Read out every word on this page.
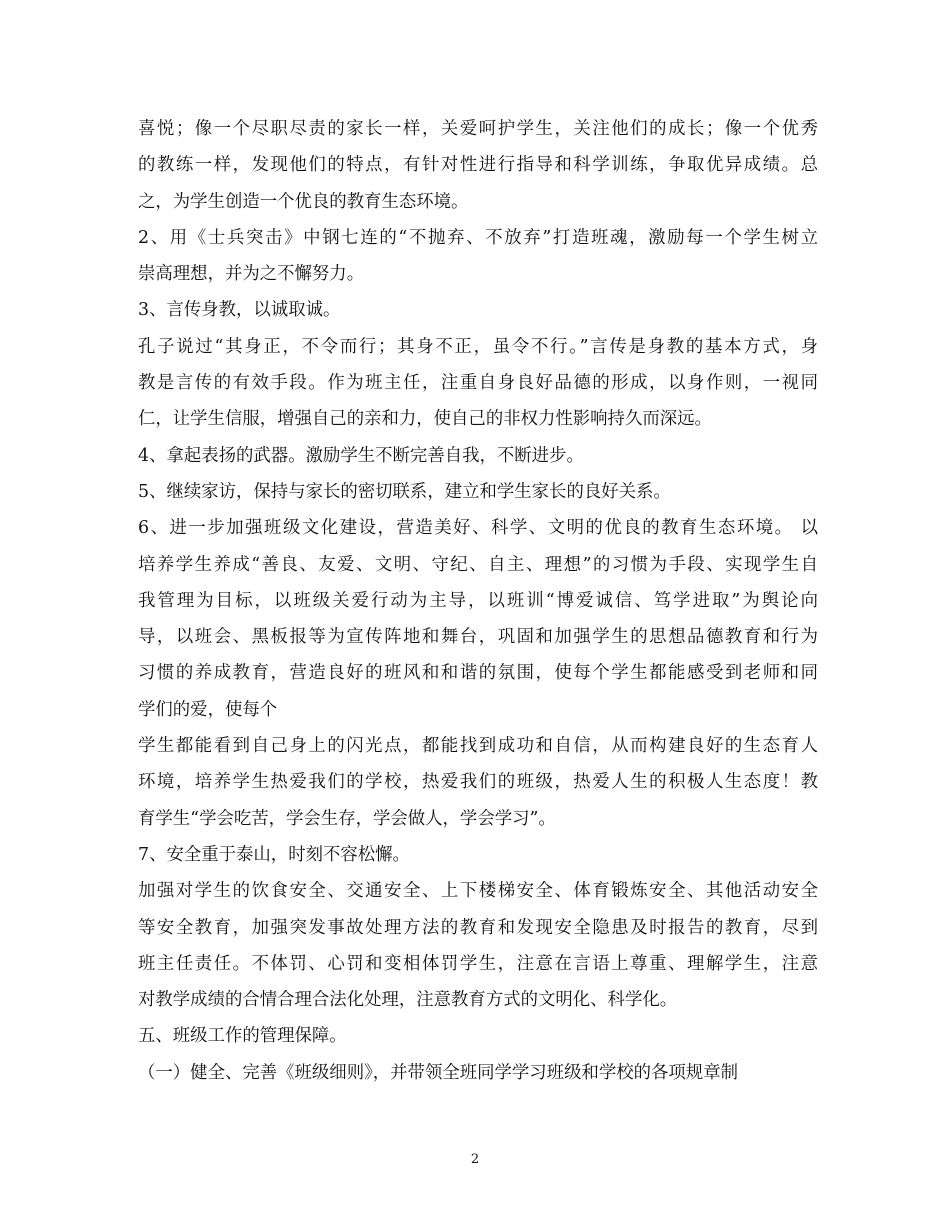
喜悦；像一个尽职尽责的家长一样，关爱呵护学生，关注他们的成长；像一个优秀
的教练一样，发现他们的特点，有针对性进行指导和科学训练，争取优异成绩。总
之，为学生创造一个优良的教育生态环境。
2、用《士兵突击》中钢七连的“不抛弃、不放弃”打造班魂，激励每一个学生树立
崇高理想，并为之不懈努力。
3、言传身教，以诚取诚。
孔子说过“其身正，不令而行；其身不正，虽令不行。”言传是身教的基本方式，身
教是言传的有效手段。作为班主任，注重自身良好品德的形成，以身作则，一视同
仁，让学生信服，增强自己的亲和力，使自己的非权力性影响持久而深远。
4、拿起表扬的武器。激励学生不断完善自我，不断进步。
5、继续家访，保持与家长的密切联系，建立和学生家长的良好关系。
6、进一步加强班级文化建设，营造美好、科学、文明的优良的教育生态环境。 以
培养学生养成“善良、友爱、文明、守纪、自主、理想”的习惯为手段、实现学生自
我管理为目标，以班级关爱行动为主导，以班训“博爱诚信、笃学进取”为舆论向
导，以班会、黑板报等为宣传阵地和舞台，巩固和加强学生的思想品德教育和行为
习惯的养成教育，营造良好的班风和和谐的氛围，使每个学生都能感受到老师和同
学们的爱，使每个
学生都能看到自己身上的闪光点，都能找到成功和自信，从而构建良好的生态育人
环境，培养学生热爱我们的学校，热爱我们的班级，热爱人生的积极人生态度！教
育学生“学会吃苦，学会生存，学会做人，学会学习”。
7、安全重于泰山，时刻不容松懈。
加强对学生的饮食安全、交通安全、上下楼梯安全、体育锻炼安全、其他活动安全
等安全教育，加强突发事故处理方法的教育和发现安全隐患及时报告的教育，尽到
班主任责任。不体罚、心罚和变相体罚学生，注意在言语上尊重、理解学生，注意
对教学成绩的合情合理合法化处理，注意教育方式的文明化、科学化。
五、班级工作的管理保障。
（一）健全、完善《班级细则》，并带领全班同学学习班级和学校的各项规章制
2
